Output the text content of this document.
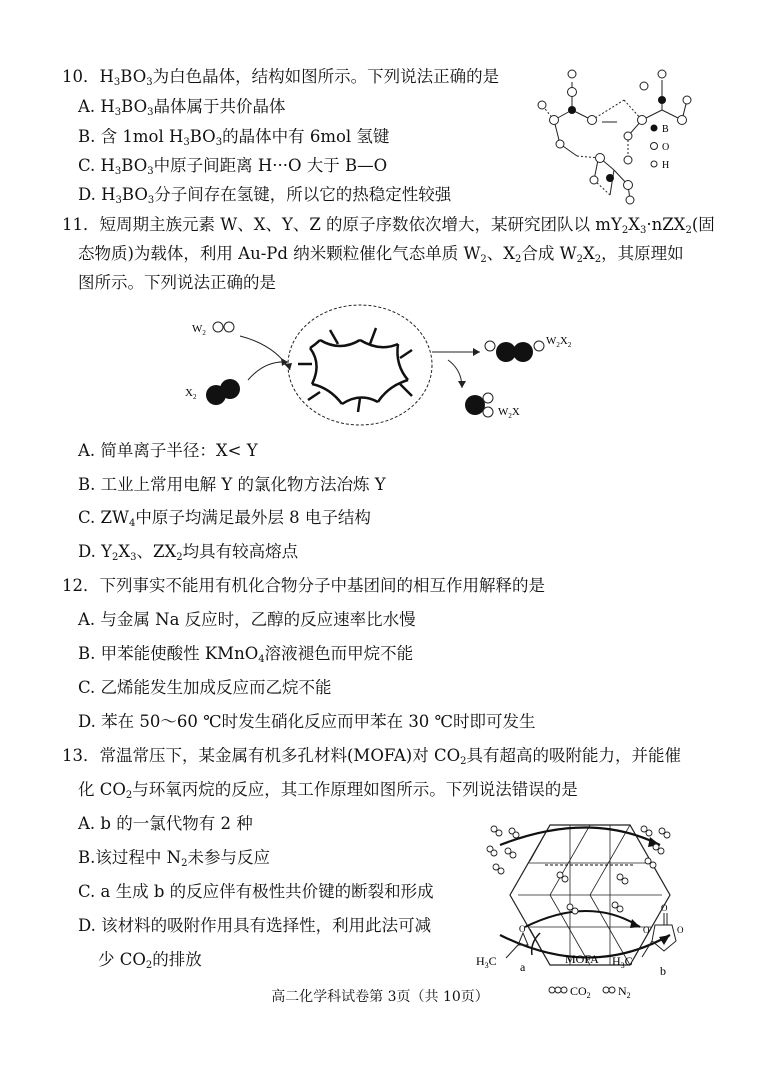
10．$H_3BO_3$为白色晶体，结构如图所示。下列说法正确的是
A. $H_3BO_3$晶体属于共价晶体
B. 含 1mol $H_3BO_3$的晶体中有 6mol 氢键
C. $H_3BO_3$中原子间距离 H···O 大于 B—O
D. $H_3BO_3$分子间存在氢键，所以它的热稳定性较强
B
O
H
11．短周期主族元素 W、X、Y、Z 的原子序数依次增大，某研究团队以 $mY_2X_3\cdot nZX_2$(固
态物质)为载体，利用 Au-Pd 纳米颗粒催化气态单质 $W_2$、$X_2$合成 $W_2X_2$，其原理如
图所示。下列说法正确的是
$W_2$
$X_2$
$W_2X_2$
$W_2X$
A. 简单离子半径：X< Y
B. 工业上常用电解 Y 的氯化物方法冶炼 Y
C. $ZW_4$中原子均满足最外层 8 电子结构
D. $Y_2X_3$、$ZX_2$均具有较高熔点
12．下列事实不能用有机化合物分子中基团间的相互作用解释的是
A. 与金属 Na 反应时，乙醇的反应速率比水慢
B. 甲苯能使酸性 KMnO$_4$溶液褪色而甲烷不能
C. 乙烯能发生加成反应而乙烷不能
D. 苯在 50～60 ℃时发生硝化反应而甲苯在 30 ℃时即可发生
13．常温常压下，某金属有机多孔材料(MOFA)对 $CO_2$具有超高的吸附能力，并能催
化 $CO_2$与环氧丙烷的反应，其工作原理如图所示。下列说法错误的是
A. b 的一氯代物有 2 种
B.该过程中 $N_2$未参与反应
C. a 生成 b 的反应伴有极性共价键的断裂和形成
D. 该材料的吸附作用具有选择性，利用此法可减
少 $CO_2$的排放
O
$H_3C$ a
MOFA
O
O
O
$H_3C$
b
$CO_2$ $N_2$
高二化学科试卷第 3页（共 10页）
